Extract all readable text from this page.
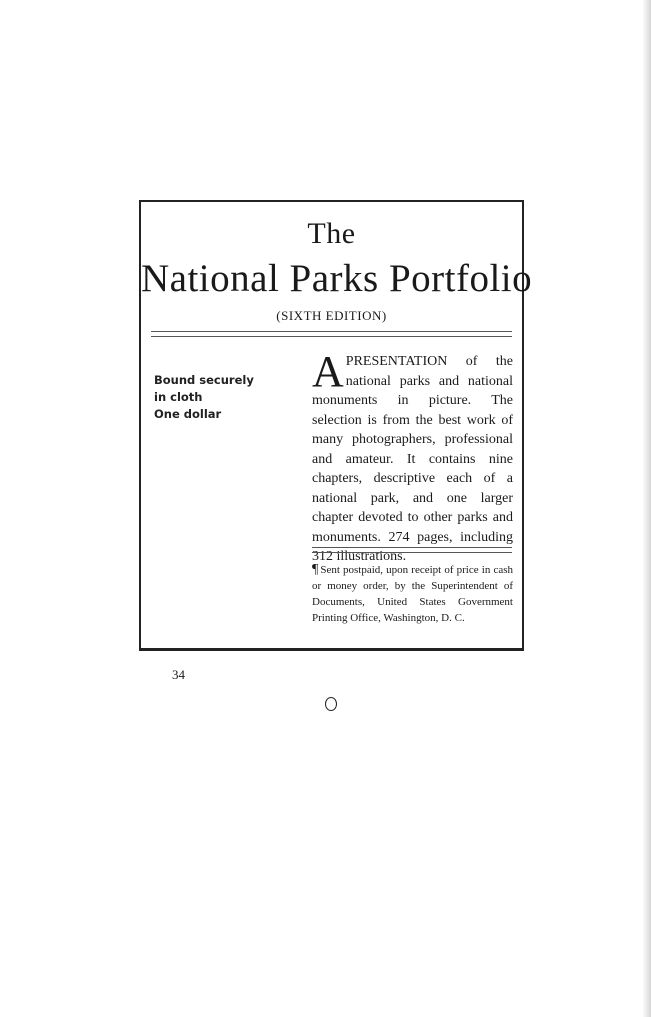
The
National Parks Portfolio
(SIXTH EDITION)
Bound securely
in cloth
One dollar
A PRESENTATION of the national parks and national monuments in picture. The selection is from the best work of many photographers, professional and amateur. It contains nine chapters, descriptive each of a national park, and one larger chapter devoted to other parks and monuments. 274 pages, including 312 illustrations.
¶ Sent postpaid, upon receipt of price in cash or money order, by the Superintendent of Documents, United States Government Printing Office, Washington, D. C.
34
